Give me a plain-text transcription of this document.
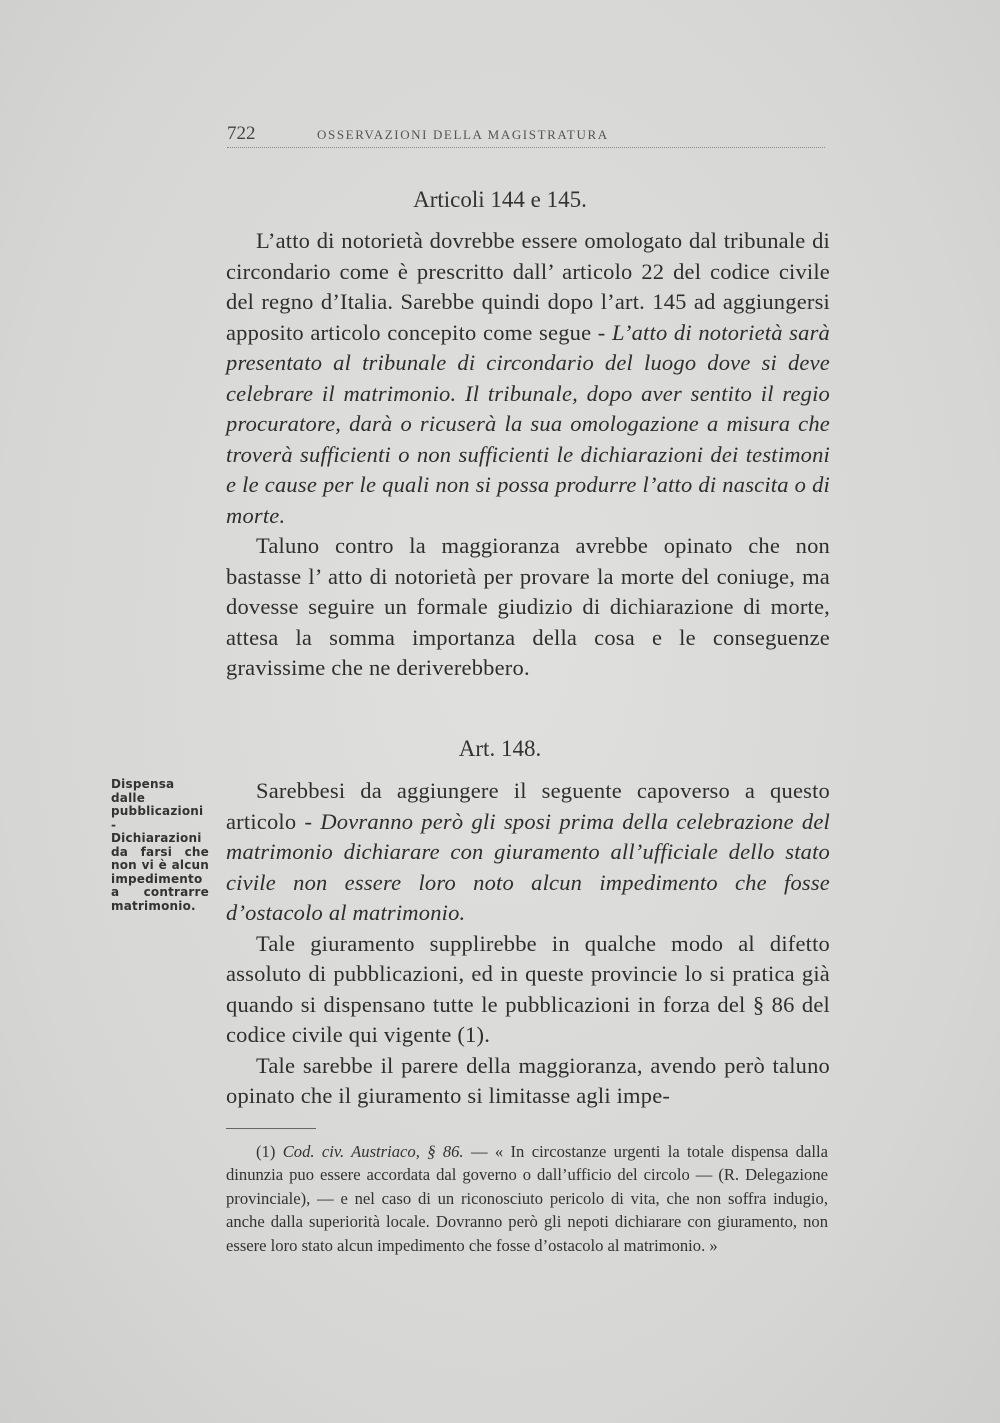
722	OSSERVAZIONI DELLA MAGISTRATURA
Articoli 144 e 145.

L’atto di notorietà dovrebbe essere omologato dal tribunale di circondario come è prescritto dall’ articolo 22 del codice civile del regno d’Italia. Sarebbe quindi dopo l’art. 145 ad aggiungersi apposito articolo concepito come segue - L’atto di notorietà sarà presentato al tribunale di circondario del luogo dove si deve celebrare il matrimonio. Il tribunale, dopo aver sentito il regio procuratore, darà o ricuserà la sua omologazione a misura che troverà sufficienti o non sufficienti le dichiarazioni dei testimoni e le cause per le quali non si possa produrre l’atto di nascita o di morte.

Taluno contro la maggioranza avrebbe opinato che non bastasse l’ atto di notorietà per provare la morte del coniuge, ma dovesse seguire un formale giudizio di dichiarazione di morte, attesa la somma importanza della cosa e le conseguenze gravissime che ne deriverebbero.

Art. 148.
Dispensa dalle pubblicazioni - Dichiarazioni da farsi che non vi è alcun impedimento a contrarre matrimonio.

Sarebbesi da aggiungere il seguente capoverso a questo articolo - Dovranno però gli sposi prima della celebrazione del matrimonio dichiarare con giuramento all’ufficiale dello stato civile non essere loro noto alcun impedimento che fosse d’ostacolo al matrimonio.

Tale giuramento supplirebbe in qualche modo al difetto assoluto di pubblicazioni, ed in queste provincie lo si pratica già quando si dispensano tutte le pubblicazioni in forza del § 86 del codice civile qui vigente (1).

Tale sarebbe il parere della maggioranza, avendo però taluno opinato che il giuramento si limitasse agli impe-

(1) Cod. civ. Austriaco, § 86. — « In circostanze urgenti la totale dispensa dalla dinunzia puo essere accordata dal governo o dall’ufficio del circolo — (R. Delegazione provinciale), — e nel caso di un riconosciuto pericolo di vita, che non soffra indugio, anche dalla superiorità locale. Dovranno però gli nepoti dichiarare con giuramento, non essere loro stato alcun impedimento che fosse d’ostacolo al matrimonio. »
